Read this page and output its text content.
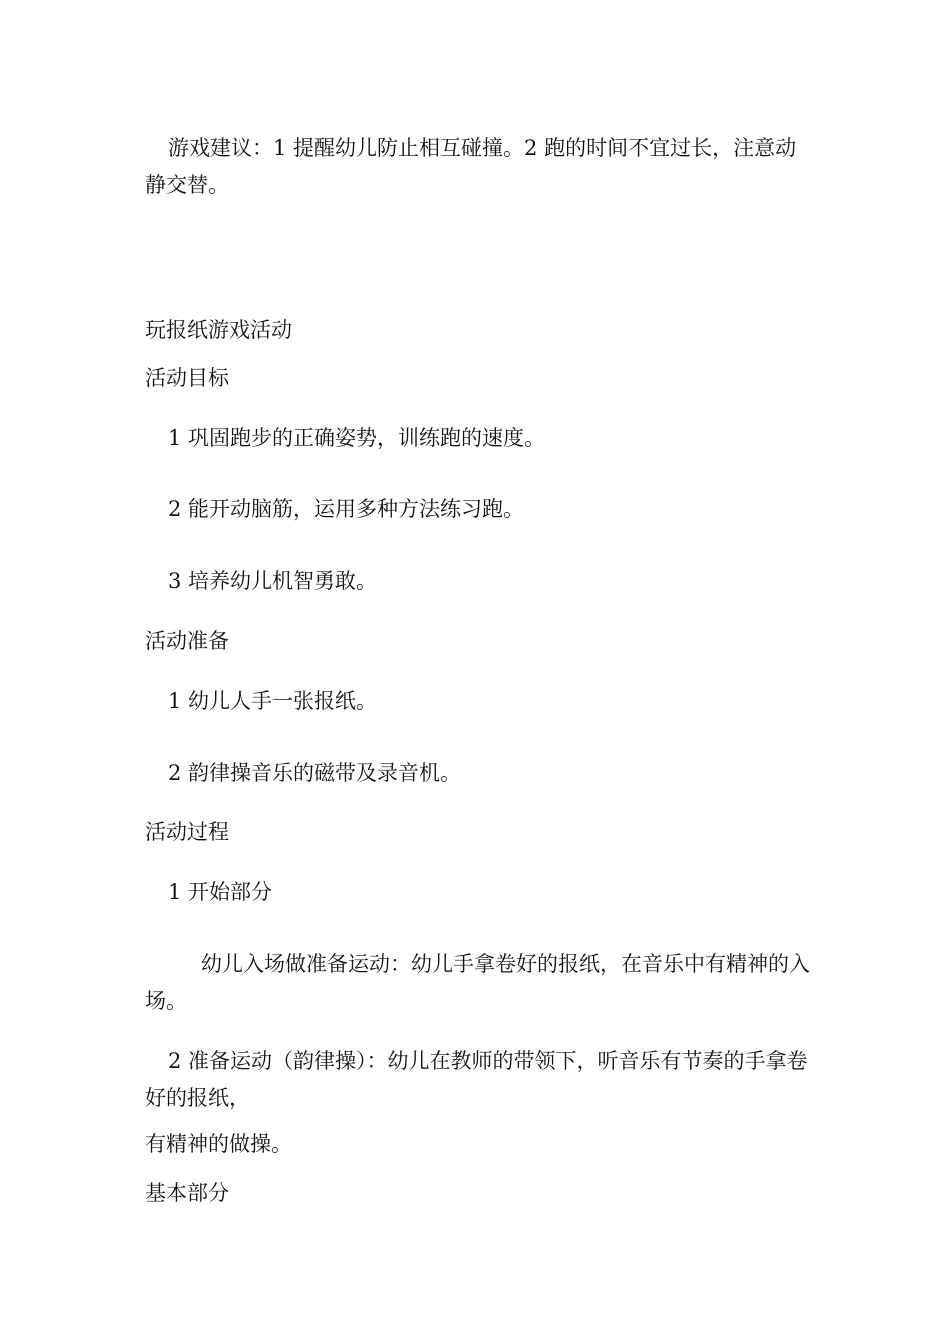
游戏建议：1 提醒幼儿防止相互碰撞。2 跑的时间不宜过长，注意动静交替。

玩报纸游戏活动

活动目标

1 巩固跑步的正确姿势，训练跑的速度。

2 能开动脑筋，运用多种方法练习跑。

3 培养幼儿机智勇敢。

活动准备

1 幼儿人手一张报纸。

2 韵律操音乐的磁带及录音机。

活动过程

1 开始部分

幼儿入场做准备运动：幼儿手拿卷好的报纸，在音乐中有精神的入场。

2 准备运动（韵律操）：幼儿在教师的带领下，听音乐有节奏的手拿卷好的报纸，

有精神的做操。

基本部分
